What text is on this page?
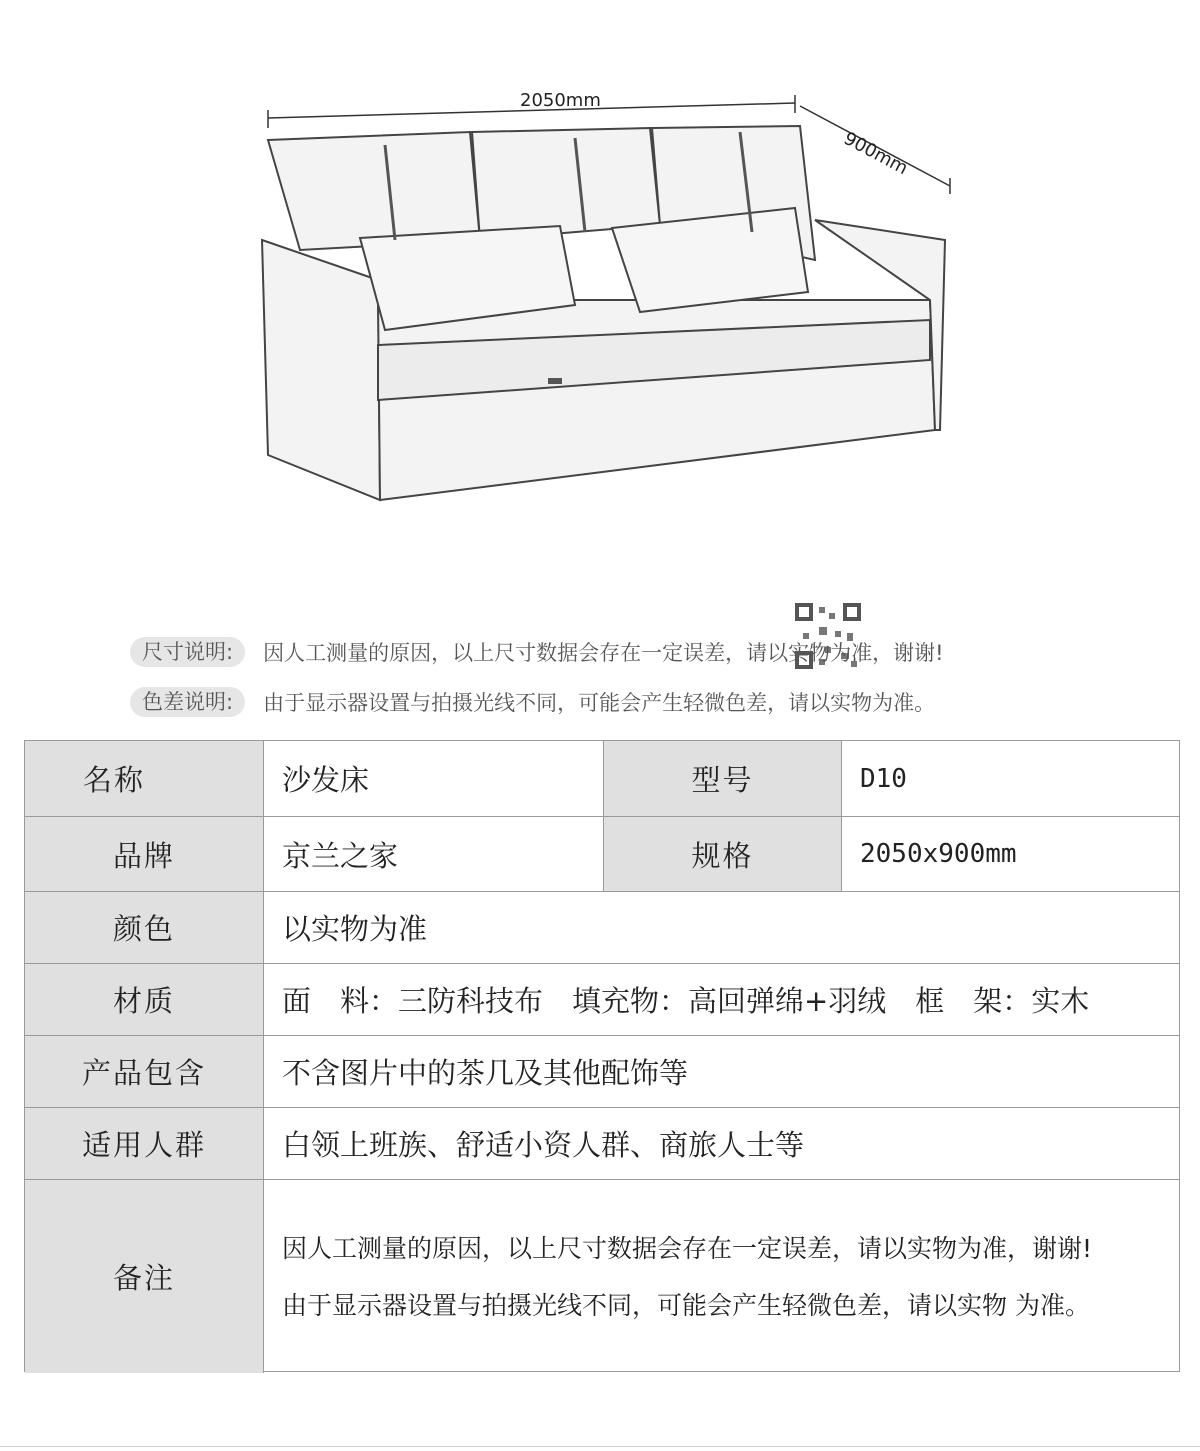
2050mm
900mm
尺寸说明:	因人工测量的原因，以上尺寸数据会存在一定误差，请以实物为准，谢谢!
色差说明:	由于显示器设置与拍摄光线不同，可能会产生轻微色差，请以实物为准。
名称	沙发床	型号	D10
品牌	京兰之家	规格	2050x900mm
颜色	以实物为准
材质	面　料：三防科技布　填充物：高回弹绵+羽绒　框　架：实木
产品包含	不含图片中的茶几及其他配饰等
适用人群	白领上班族、舒适小资人群、商旅人士等
备注
因人工测量的原因，以上尺寸数据会存在一定误差，请以实物为准，谢谢!
由于显示器设置与拍摄光线不同，可能会产生轻微色差，请以实物 为准。
